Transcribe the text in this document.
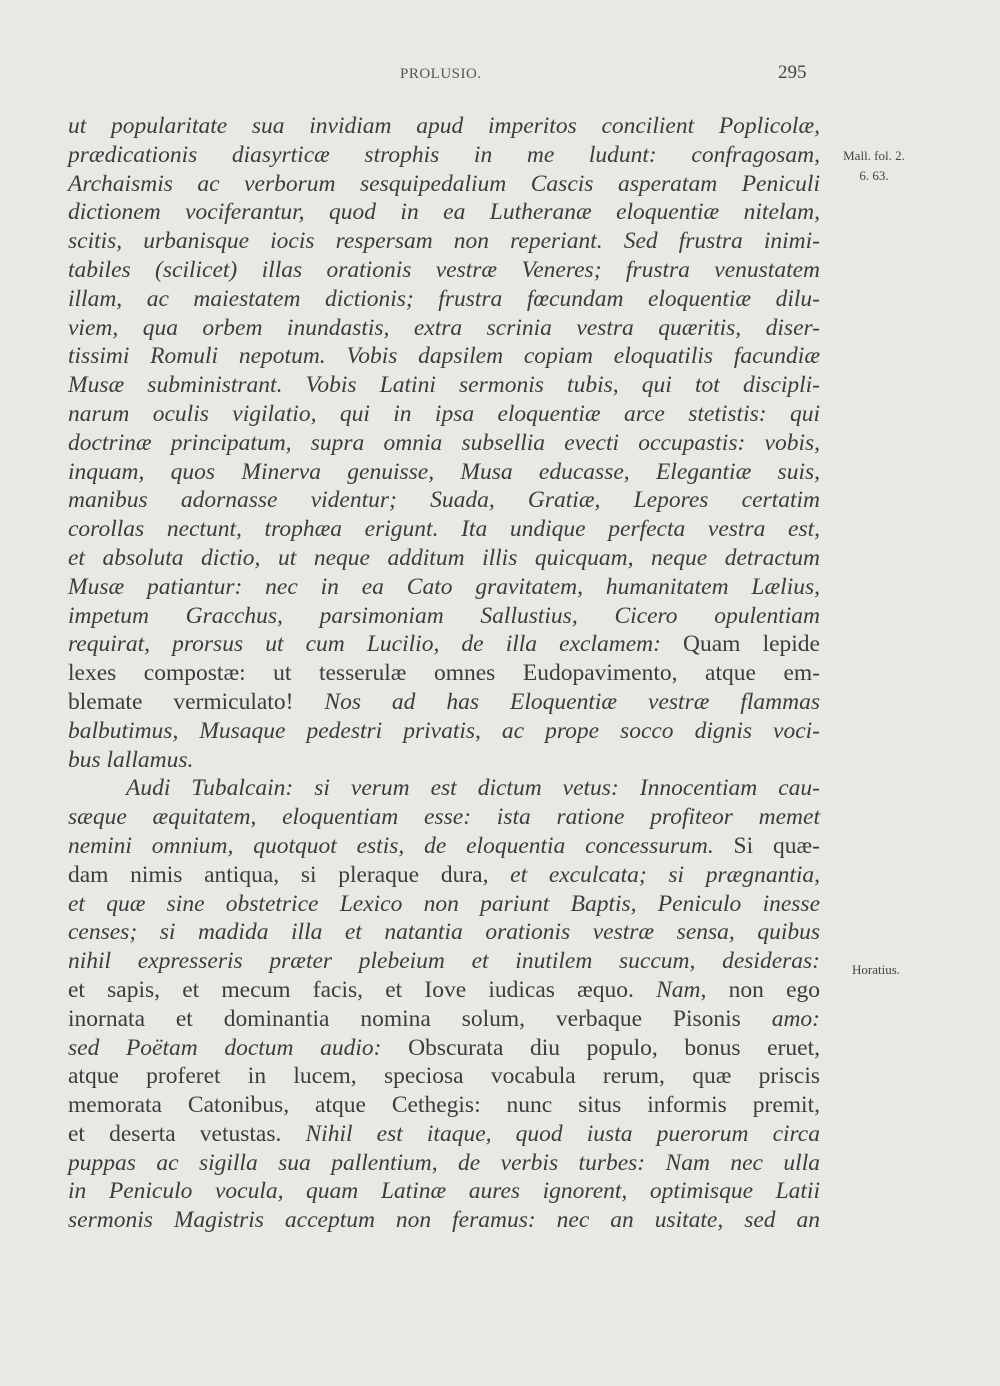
PROLUSIO.	295
Mall. fol. 2.
6. 63.
Horatius.
ut popularitate sua invidiam apud imperitos concilient Poplicolæ,
prædicationis diasyrticæ strophis in me ludunt: confragosam,
Archaismis ac verborum sesquipedalium Cascis asperatam Peniculi
dictionem vociferantur, quod in ea Lutheranæ eloquentiæ nitelam,
scitis, urbanisque iocis respersam non reperiant. Sed frustra inimi-
tabiles (scilicet) illas orationis vestræ Veneres; frustra venustatem
illam, ac maiestatem dictionis; frustra fœcundam eloquentiæ dilu-
viem, qua orbem inundastis, extra scrinia vestra quæritis, diser-
tissimi Romuli nepotum. Vobis dapsilem copiam eloquatilis facundiæ
Musæ subministrant. Vobis Latini sermonis tubis, qui tot discipli-
narum oculis vigilatio, qui in ipsa eloquentiæ arce stetistis: qui
doctrinæ principatum, supra omnia subsellia evecti occupastis: vobis,
inquam, quos Minerva genuisse, Musa educasse, Elegantiæ suis,
manibus adornasse videntur; Suada, Gratiæ, Lepores certatim
corollas nectunt, trophæa erigunt. Ita undique perfecta vestra est,
et absoluta dictio, ut neque additum illis quicquam, neque detractum
Musæ patiantur: nec in ea Cato gravitatem, humanitatem Lælius,
impetum Gracchus, parsimoniam Sallustius, Cicero opulentiam
requirat, prorsus ut cum Lucilio, de illa exclamem: Quam lepide
lexes compostæ: ut tesserulæ omnes Eudopavimento, atque em-
blemate vermiculato! Nos ad has Eloquentiæ vestræ flammas
balbutimus, Musaque pedestri privatis, ac prope socco dignis voci-
bus lallamus.
Audi Tubalcain: si verum est dictum vetus: Innocentiam cau-
sæque æquitatem, eloquentiam esse: ista ratione profiteor memet
nemini omnium, quotquot estis, de eloquentia concessurum. Si quæ-
dam nimis antiqua, si pleraque dura, et exculcata; si prægnantia,
et quæ sine obstetrice Lexico non pariunt Baptis, Peniculo inesse
censes; si madida illa et natantia orationis vestræ sensa, quibus
nihil expresseris præter plebeium et inutilem succum, desideras:
et sapis, et mecum facis, et Iove iudicas æquo. Nam, non ego
inornata et dominantia nomina solum, verbaque Pisonis amo:
sed Poëtam doctum audio: Obscurata diu populo, bonus eruet,
atque proferet in lucem, speciosa vocabula rerum, quæ priscis
memorata Catonibus, atque Cethegis: nunc situs informis premit,
et deserta vetustas. Nihil est itaque, quod iusta puerorum circa
puppas ac sigilla sua pallentium, de verbis turbes: Nam nec ulla
in Peniculo vocula, quam Latinæ aures ignorent, optimisque Latii
sermonis Magistris acceptum non feramus: nec an usitate, sed an
